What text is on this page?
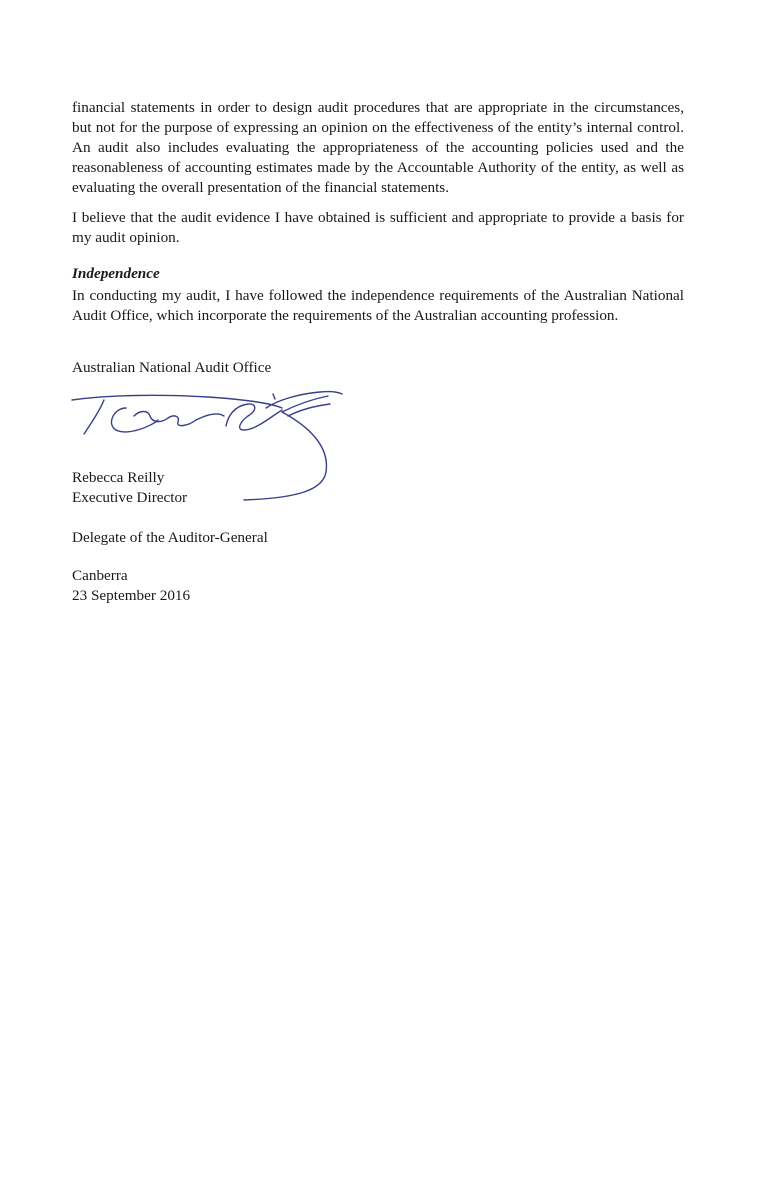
financial statements in order to design audit procedures that are appropriate in the circumstances, but not for the purpose of expressing an opinion on the effectiveness of the entity’s internal control. An audit also includes evaluating the appropriateness of the accounting policies used and the reasonableness of accounting estimates made by the Accountable Authority of the entity, as well as evaluating the overall presentation of the financial statements.

I believe that the audit evidence I have obtained is sufficient and appropriate to provide a basis for my audit opinion.

Independence

In conducting my audit, I have followed the independence requirements of the Australian National Audit Office, which incorporate the requirements of the Australian accounting profession.

Australian National Audit Office
Rebecca Reilly
Executive Director
Delegate of the Auditor-General
Canberra
23 September 2016
